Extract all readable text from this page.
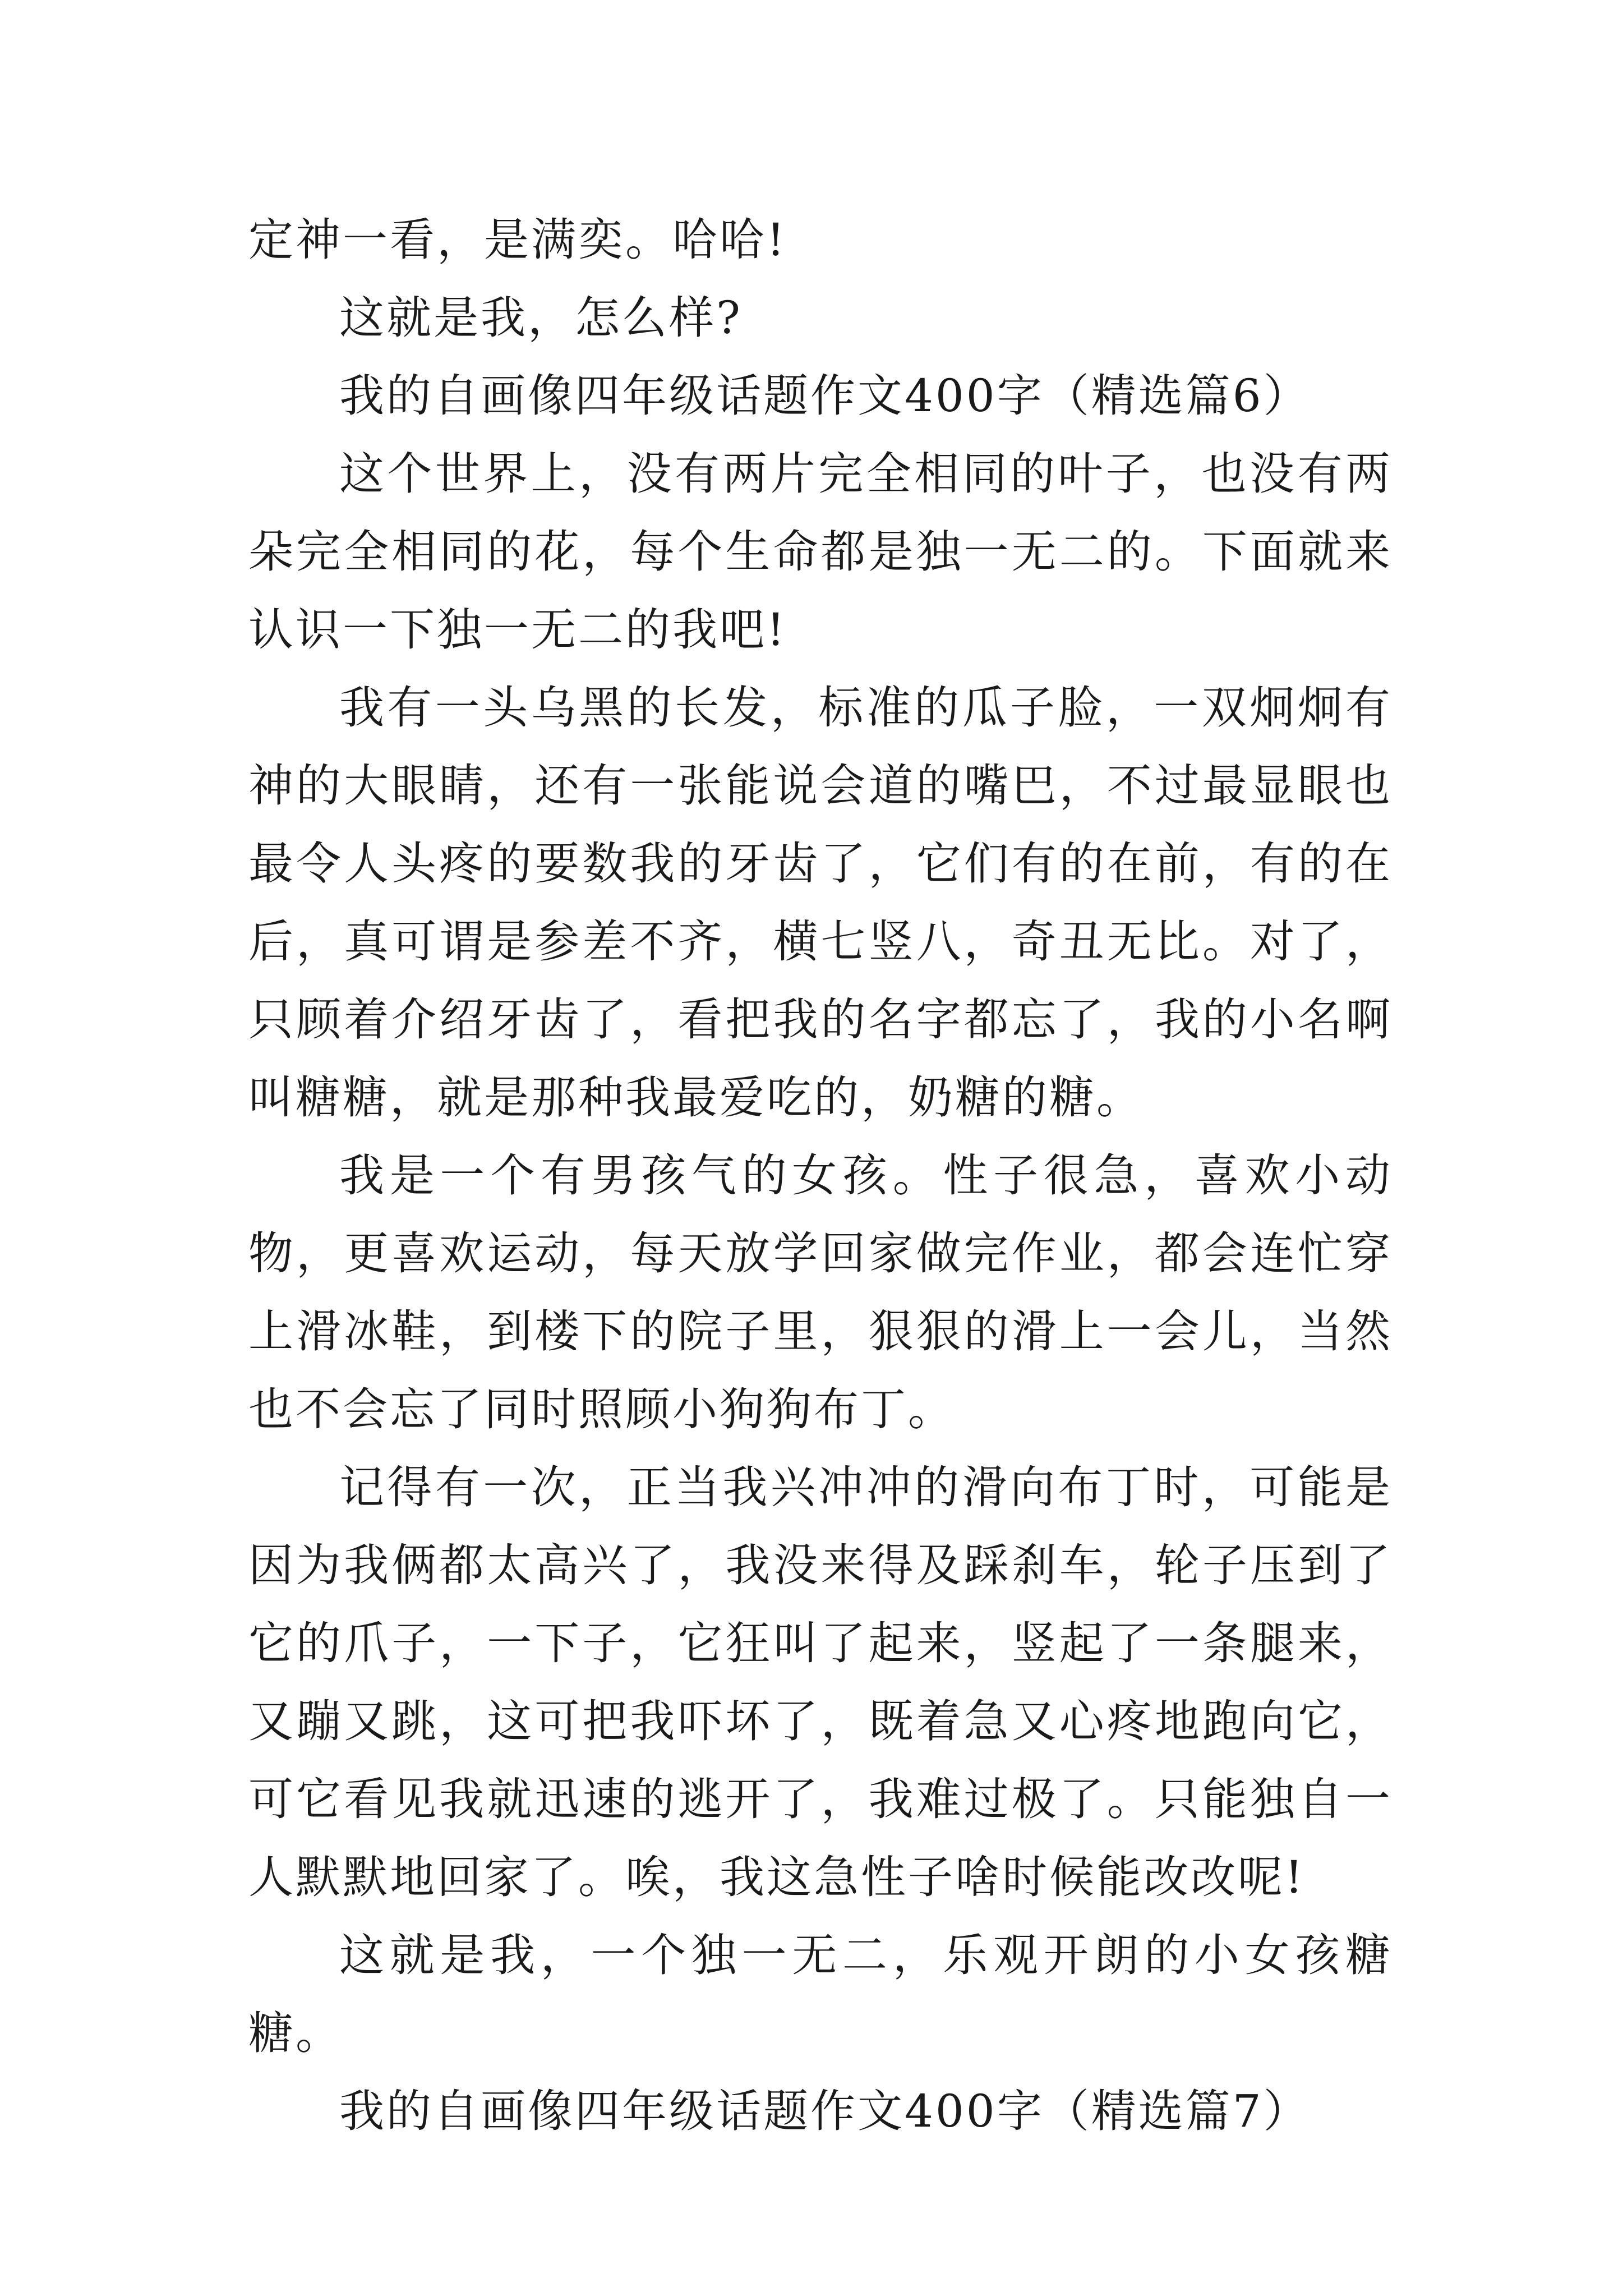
定神一看，是满奕。哈哈!

这就是我，怎么样?

我的自画像四年级话题作文400字（精选篇6）

这个世界上，没有两片完全相同的叶子，也没有两朵完全相同的花，每个生命都是独一无二的。下面就来认识一下独一无二的我吧!

我有一头乌黑的长发，标准的瓜子脸，一双炯炯有神的大眼睛，还有一张能说会道的嘴巴，不过最显眼也最令人头疼的要数我的牙齿了，它们有的在前，有的在后，真可谓是参差不齐，横七竖八，奇丑无比。对了，只顾着介绍牙齿了，看把我的名字都忘了，我的小名啊叫糖糖，就是那种我最爱吃的，奶糖的糖。

我是一个有男孩气的女孩。性子很急，喜欢小动物，更喜欢运动，每天放学回家做完作业，都会连忙穿上滑冰鞋，到楼下的院子里，狠狠的滑上一会儿，当然也不会忘了同时照顾小狗狗布丁。

记得有一次，正当我兴冲冲的滑向布丁时，可能是因为我俩都太高兴了，我没来得及踩刹车，轮子压到了它的爪子，一下子，它狂叫了起来，竖起了一条腿来，又蹦又跳，这可把我吓坏了，既着急又心疼地跑向它，可它看见我就迅速的逃开了，我难过极了。只能独自一人默默地回家了。唉，我这急性子啥时候能改改呢!

这就是我，一个独一无二，乐观开朗的小女孩糖糖。

我的自画像四年级话题作文400字（精选篇7）
